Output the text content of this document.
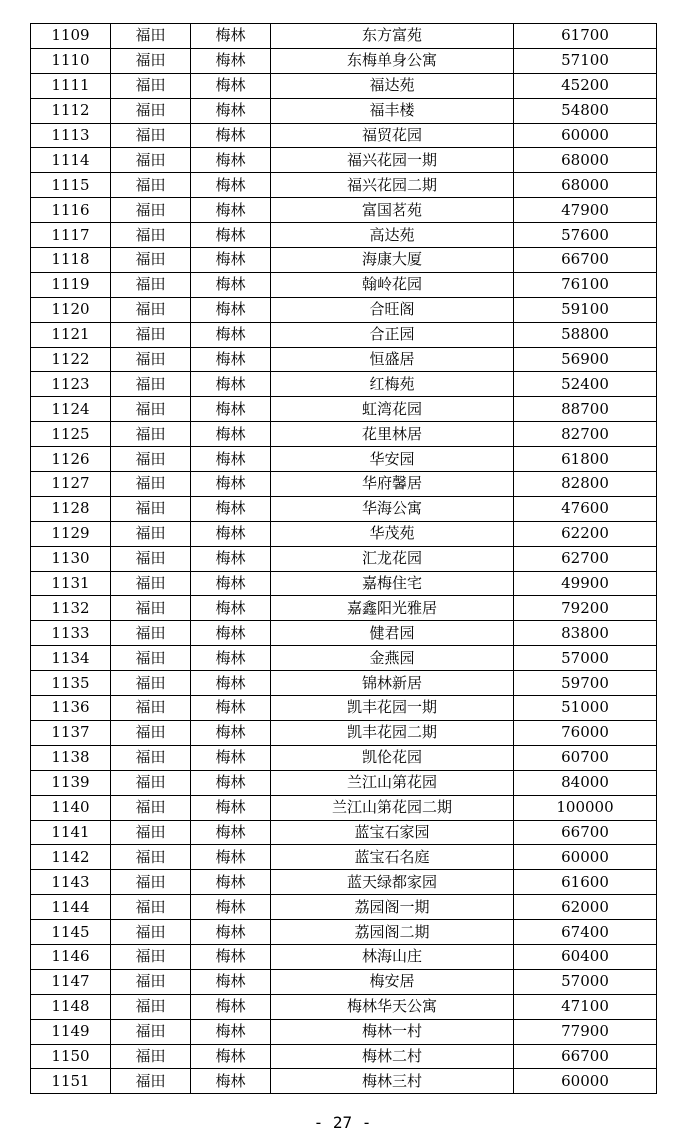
1109	福田	梅林	东方富苑	61700
1110	福田	梅林	东梅单身公寓	57100
1111	福田	梅林	福达苑	45200
1112	福田	梅林	福丰楼	54800
1113	福田	梅林	福贸花园	60000
1114	福田	梅林	福兴花园一期	68000
1115	福田	梅林	福兴花园二期	68000
1116	福田	梅林	富国茗苑	47900
1117	福田	梅林	高达苑	57600
1118	福田	梅林	海康大厦	66700
1119	福田	梅林	翰岭花园	76100
1120	福田	梅林	合旺阁	59100
1121	福田	梅林	合正园	58800
1122	福田	梅林	恒盛居	56900
1123	福田	梅林	红梅苑	52400
1124	福田	梅林	虹湾花园	88700
1125	福田	梅林	花里林居	82700
1126	福田	梅林	华安园	61800
1127	福田	梅林	华府馨居	82800
1128	福田	梅林	华海公寓	47600
1129	福田	梅林	华茂苑	62200
1130	福田	梅林	汇龙花园	62700
1131	福田	梅林	嘉梅住宅	49900
1132	福田	梅林	嘉鑫阳光雅居	79200
1133	福田	梅林	健君园	83800
1134	福田	梅林	金燕园	57000
1135	福田	梅林	锦林新居	59700
1136	福田	梅林	凯丰花园一期	51000
1137	福田	梅林	凯丰花园二期	76000
1138	福田	梅林	凯伦花园	60700
1139	福田	梅林	兰江山第花园	84000
1140	福田	梅林	兰江山第花园二期	100000
1141	福田	梅林	蓝宝石家园	66700
1142	福田	梅林	蓝宝石名庭	60000
1143	福田	梅林	蓝天绿都家园	61600
1144	福田	梅林	荔园阁一期	62000
1145	福田	梅林	荔园阁二期	67400
1146	福田	梅林	林海山庄	60400
1147	福田	梅林	梅安居	57000
1148	福田	梅林	梅林华天公寓	47100
1149	福田	梅林	梅林一村	77900
1150	福田	梅林	梅林二村	66700
1151	福田	梅林	梅林三村	60000
- 27 -
